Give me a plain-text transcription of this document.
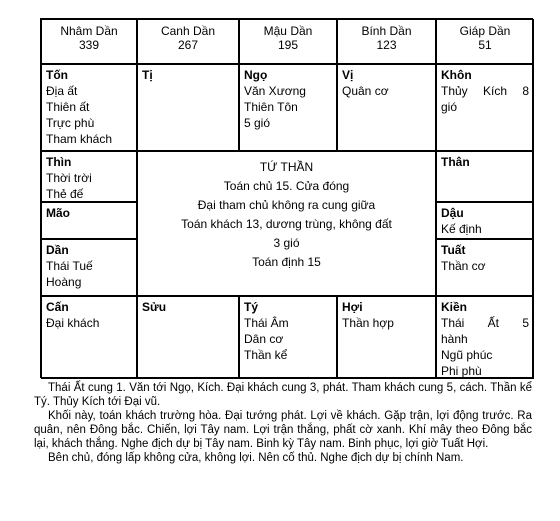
Nhâm Dần
339
Canh Dần
267
Mậu Dần
195
Bính Dần
123
Giáp Dần
51
Tốn
Địa ất
Thiên ất
Trực phù
Tham khách
Tị	Ngọ
Văn Xương
Thiên Tôn
5 gió
Vị
Quân cơ
Khôn
Thủy Kích 8
gió
Thìn
Thời trời
Thẻ đế
Mão
Dần
Thái Tuế
Hoàng
TỨ THẦN
Toán chủ 15. Cửa đóng
Đại tham chủ không ra cung giữa
Toán khách 13, dương trùng, không đất
3 gió
Toán định 15
Thân
Dậu
Kế định
Tuất
Thần cơ
Cấn
Đại khách
Sửu	Tý
Thái Âm
Dân cơ
Thần kể
Hợi
Thần hợp
Kiền
Thái Ất 5
hành
Ngũ phúc
Phi phù

Thái Ất cung 1. Văn tới Ngọ, Kích. Đại khách cung 3, phát. Tham khách cung 5, cách. Thần kể Tý. Thủy Kích tới Đại vũ.

Khối này, toán khách trường hòa. Đại tướng phát. Lợi về khách. Gặp trận, lợi động trước. Ra quân, nên Đông bắc. Chiến, lợi Tây nam. Lợi trận thắng, phất cờ xanh. Khí mây theo Đông bắc lại, khách thắng. Nghe địch dự bị Tây nam. Binh kỳ Tây nam. Binh phục, lợi giờ Tuất Hợi.

Bên chủ, đóng lấp không cửa, không lợi. Nên cố thủ. Nghe địch dự bị chính Nam.
